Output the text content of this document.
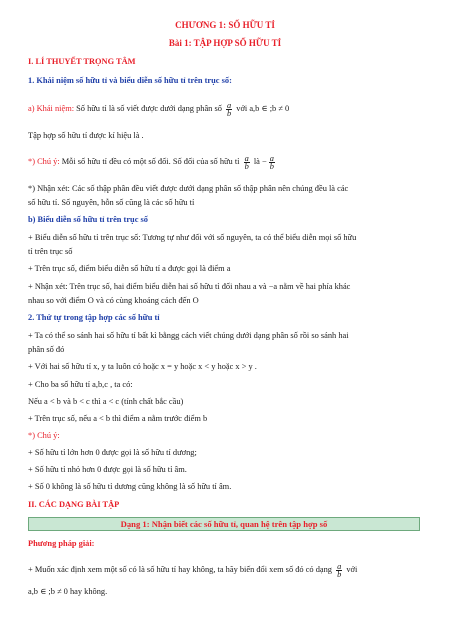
CHƯƠNG 1: SỐ HỮU TỈ
Bài 1: TẬP HỢP SỐ HỮU TỈ
I. LÍ THUYẾT TRỌNG TÂM
1. Khái niệm số hữu tỉ và biểu diễn số hữu tỉ trên trục số:
a) Khái niệm: Số hữu tỉ là số viết được dưới dạng phân số $\frac{a}{b}$ với a,b ∈ ;b ≠ 0
Tập hợp số hữu tỉ được kí hiệu là .
*) Chú ý: Mỗi số hữu tỉ đều có một số đối. Số đối của số hữu tỉ $\frac{a}{b}$ là − $\frac{a}{b}$
*) Nhận xét: Các số thập phân đều viết được dưới dạng phân số thập phân nên chúng đều là các
số hữu tỉ. Số nguyên, hỗn số cũng là các số hữu tỉ
b) Biểu diễn số hữu tỉ trên trục số
+ Biểu diễn số hữu tỉ trên trục số: Tương tự như đối với số nguyên, ta có thể biểu diễn mọi số hữu
tỉ trên trục số
+ Trên trục số, điểm biểu diễn số hữu tỉ a được gọi là điểm a
+ Nhận xét: Trên trục số, hai điểm biểu diễn hai số hữu tỉ đối nhau a và −a nằm về hai phía khác
nhau so với điểm O và có cùng khoảng cách đến O
2. Thứ tự trong tập hợp các số hữu tỉ
+ Ta có thể so sánh hai số hữu tỉ bất kì bằngg cách viết chúng dưới dạng phân số rồi so sánh hai
phân số đó
+ Với hai số hữu tỉ x, y ta luôn có hoặc x = y hoặc x < y hoặc x > y .
+ Cho ba số hữu tỉ a,b,c , ta có:
Nếu a < b và b < c thì a < c (tính chất bắc cầu)
+ Trên trục số, nếu a < b thì điểm a nằm trước điểm b
*) Chú ý:
+ Số hữu tỉ lớn hơn 0 được gọi là số hữu tỉ dương;
+ Số hữu tỉ nhỏ hơn 0 được gọi là số hữu tỉ âm.
+ Số 0 không là số hữu tỉ dương cũng không là số hữu tỉ âm.
II. CÁC DẠNG BÀI TẬP
Dạng 1: Nhận biết các số hữu tỉ, quan hệ trên tập hợp số
Phương pháp giải:
+ Muốn xác định xem một số có là số hữu tỉ hay không, ta hãy biến đổi xem số đó có dạng $\frac{a}{b}$ với
a,b ∈ ;b ≠ 0 hay không.
